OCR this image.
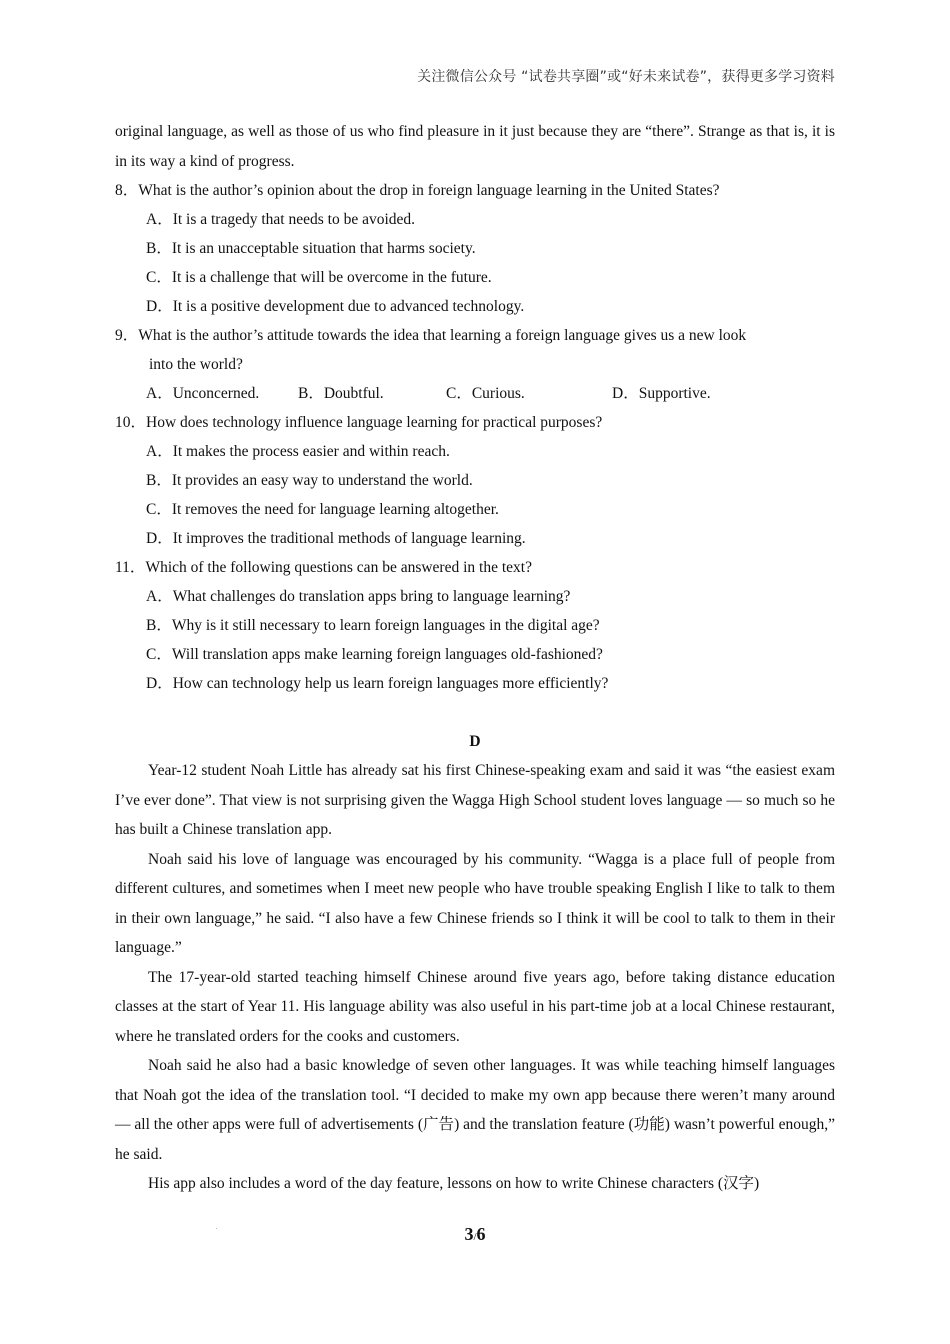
关注微信公众号 “试卷共享圈”或“好未来试卷”，获得更多学习资料

original language, as well as those of us who find pleasure in it just because they are “there”. Strange as that is, it is in its way a kind of progress.

8．What is the author’s opinion about the drop in foreign language learning in the United States?

A．It is a tragedy that needs to be avoided.

B．It is an unacceptable situation that harms society.

C．It is a challenge that will be overcome in the future.

D．It is a positive development due to advanced technology.

9．What is the author’s attitude towards the idea that learning a foreign language gives us a new look

into the world?

A．Unconcerned.	B．Doubtful.	C．Curious.	D．Supportive.

10．How does technology influence language learning for practical purposes?

A．It makes the process easier and within reach.

B．It provides an easy way to understand the world.

C．It removes the need for language learning altogether.

D．It improves the traditional methods of language learning.

11．Which of the following questions can be answered in the text?

A．What challenges do translation apps bring to language learning?

B．Why is it still necessary to learn foreign languages in the digital age?

C．Will translation apps make learning foreign languages old-fashioned?

D．How can technology help us learn foreign languages more efficiently?

D

Year-12 student Noah Little has already sat his first Chinese-speaking exam and said it was “the easiest exam I’ve ever done”. That view is not surprising given the Wagga High School student loves language — so much so he has built a Chinese translation app.

Noah said his love of language was encouraged by his community. “Wagga is a place full of people from different cultures, and sometimes when I meet new people who have trouble speaking English I like to talk to them in their own language,” he said. “I also have a few Chinese friends so I think it will be cool to talk to them in their language.”

The 17-year-old started teaching himself Chinese around five years ago, before taking distance education classes at the start of Year 11. His language ability was also useful in his part-time job at a local Chinese restaurant, where he translated orders for the cooks and customers.

Noah said he also had a basic knowledge of seven other languages. It was while teaching himself languages that Noah got the idea of the translation tool. “I decided to make my own app because there weren’t many around — all the other apps were full of advertisements (广告) and the translation feature (功能) wasn’t powerful enough,” he said.

His app also includes a word of the day feature, lessons on how to write Chinese characters (汉字)

3/6
